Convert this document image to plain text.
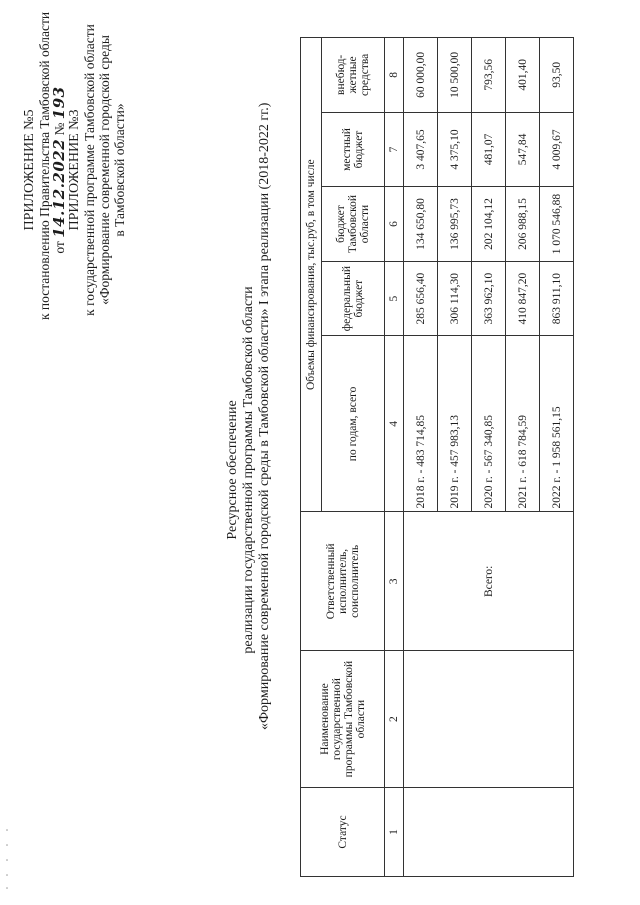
ПРИЛОЖЕНИЕ №5 к постановлению Правительства Тамбовской области от 14.12.2022 № 193
ПРИЛОЖЕНИЕ №3 к государственной программе Тамбовской области «Формирование современной городской среды в Тамбовской области»
Ресурсное обеспечение реализации государственной программы Тамбовской области «Формирование современной городской среды в Тамбовской области» I этапа реализации (2018-2022 гг.)
Статус	Наименование государственной программы Тамбовской области	Ответственный исполнитель, соисполнитель	Объемы финансирования, тыс.руб, в том числе				
			по годам, всего	федеральный бюджет	бюджет Тамбовской области	местный бюджет	внебюд-жетные средства
1	2	3	4	5	6	7	8
		Всего:	2018 г. - 483 714,85	285 656,40	134 650,80	3 407,65	60 000,00
			2019 г. - 457 983,13	306 114,30	136 995,73	4 375,10	10 500,00
			2020 г. - 567 340,85	363 962,10	202 104,12	481,07	793,56
			2021 г. - 618 784,59	410 847,20	206 988,15	547,84	401,40
			2022 г. - 1 958 561,15	863 911,10	1 070 546,88	4 009,67	93,50
